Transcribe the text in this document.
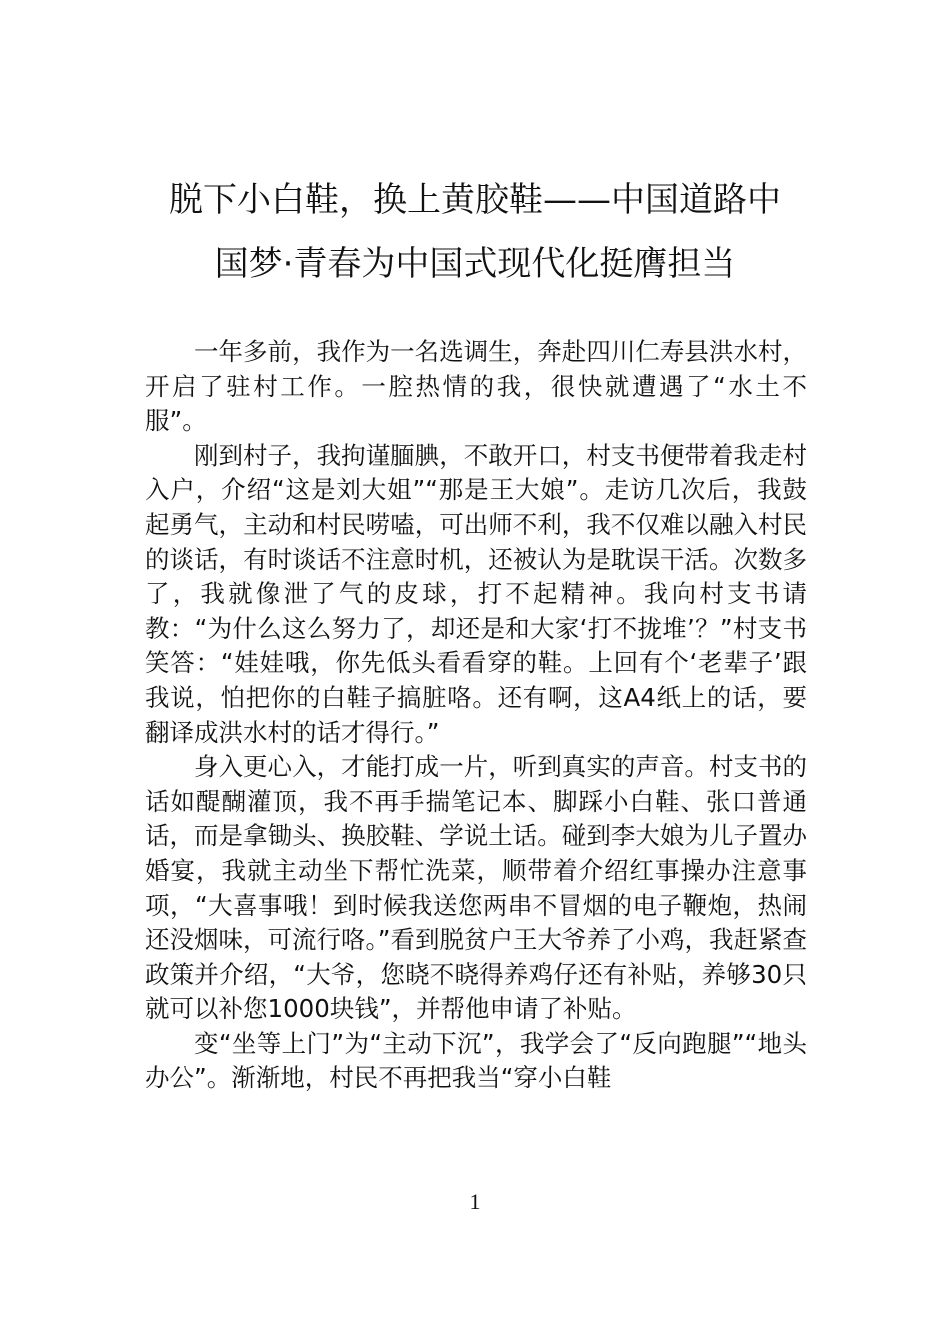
脱下小白鞋，换上黄胶鞋——中国道路中
国梦·青春为中国式现代化挺膺担当

一年多前，我作为一名选调生，奔赴四川仁寿县洪水村，开启了驻村工作。一腔热情的我，很快就遭遇了“水土不服”。

刚到村子，我拘谨腼腆，不敢开口，村支书便带着我走村入户，介绍“这是刘大姐”“那是王大娘”。走访几次后，我鼓起勇气，主动和村民唠嗑，可出师不利，我不仅难以融入村民的谈话，有时谈话不注意时机，还被认为是耽误干活。次数多了，我就像泄了气的皮球，打不起精神。我向村支书请教：“为什么这么努力了，却还是和大家‘打不拢堆’？”村支书笑答：“娃娃哦，你先低头看看穿的鞋。上回有个‘老辈子’跟我说，怕把你的白鞋子搞脏咯。还有啊，这A4纸上的话，要翻译成洪水村的话才得行。”

身入更心入，才能打成一片，听到真实的声音。村支书的话如醍醐灌顶，我不再手揣笔记本、脚踩小白鞋、张口普通话，而是拿锄头、换胶鞋、学说土话。碰到李大娘为儿子置办婚宴，我就主动坐下帮忙洗菜，顺带着介绍红事操办注意事项，“大喜事哦！到时候我送您两串不冒烟的电子鞭炮，热闹还没烟味，可流行咯。”看到脱贫户王大爷养了小鸡，我赶紧查政策并介绍，“大爷，您晓不晓得养鸡仔还有补贴，养够30只就可以补您1000块钱”，并帮他申请了补贴。

变“坐等上门”为“主动下沉”，我学会了“反向跑腿”“地头办公”。渐渐地，村民不再把我当“穿小白鞋

1
